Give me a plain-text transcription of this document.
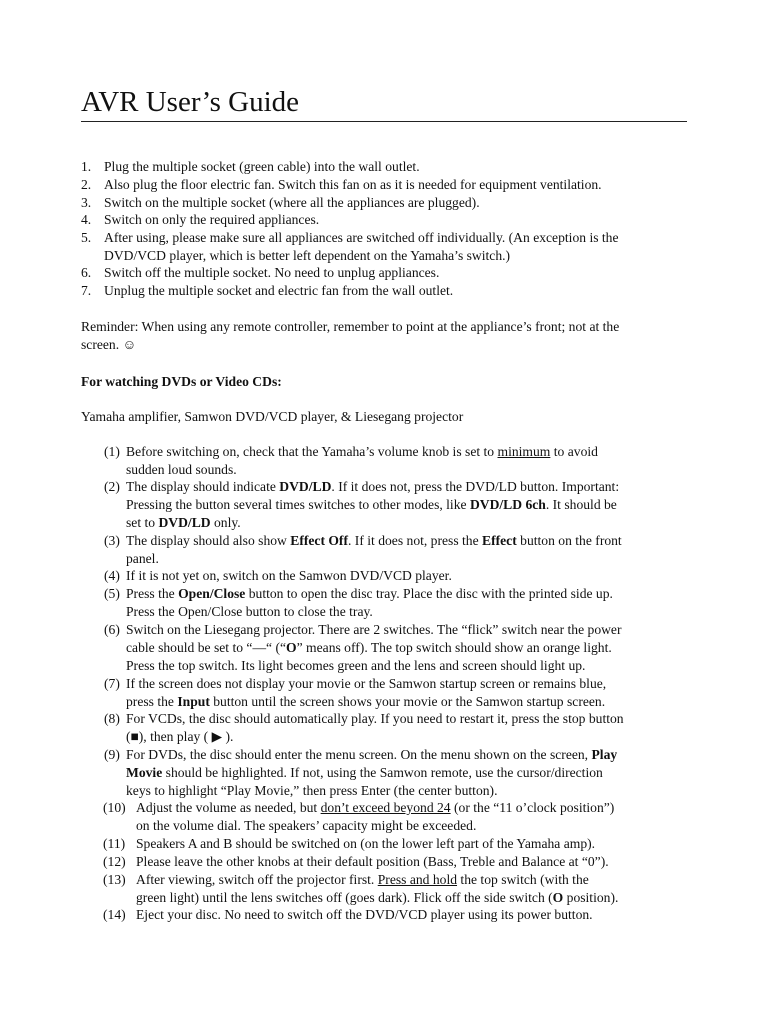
AVR User’s Guide
1. Plug the multiple socket (green cable) into the wall outlet.
2. Also plug the floor electric fan. Switch this fan on as it is needed for equipment ventilation.
3. Switch on the multiple socket (where all the appliances are plugged).
4. Switch on only the required appliances.
5. After using, please make sure all appliances are switched off individually. (An exception is the
DVD/VCD player, which is better left dependent on the Yamaha’s switch.)
6. Switch off the multiple socket. No need to unplug appliances.
7. Unplug the multiple socket and electric fan from the wall outlet.

Reminder: When using any remote controller, remember to point at the appliance’s front; not at the

screen. ☺

For watching DVDs or Video CDs:

Yamaha amplifier, Samwon DVD/VCD player, & Liesegang projector

(1) Before switching on, check that the Yamaha’s volume knob is set to minimum to avoid
sudden loud sounds.
(2) The display should indicate DVD/LD. If it does not, press the DVD/LD button. Important:
Pressing the button several times switches to other modes, like DVD/LD 6ch. It should be
set to DVD/LD only.
(3) The display should also show Effect Off. If it does not, press the Effect button on the front
panel.
(4) If it is not yet on, switch on the Samwon DVD/VCD player.
(5) Press the Open/Close button to open the disc tray. Place the disc with the printed side up.
Press the Open/Close button to close the tray.
(6) Switch on the Liesegang projector. There are 2 switches. The “flick” switch near the power
cable should be set to “—“ (“O” means off). The top switch should show an orange light.
Press the top switch. Its light becomes green and the lens and screen should light up.
(7) If the screen does not display your movie or the Samwon startup screen or remains blue,
press the Input button until the screen shows your movie or the Samwon startup screen.
(8) For VCDs, the disc should automatically play. If you need to restart it, press the stop button
(■), then play ( ▶ ).
(9) For DVDs, the disc should enter the menu screen. On the menu shown on the screen, Play
Movie should be highlighted. If not, using the Samwon remote, use the cursor/direction
keys to highlight “Play Movie,” then press Enter (the center button).
(10) Adjust the volume as needed, but don’t exceed beyond 24 (or the “11 o’clock position”)
on the volume dial. The speakers’ capacity might be exceeded.
(11) Speakers A and B should be switched on (on the lower left part of the Yamaha amp).
(12) Please leave the other knobs at their default position (Bass, Treble and Balance at “0”).
(13) After viewing, switch off the projector first. Press and hold the top switch (with the
green light) until the lens switches off (goes dark). Flick off the side switch (O position).
(14) Eject your disc. No need to switch off the DVD/VCD player using its power button.
